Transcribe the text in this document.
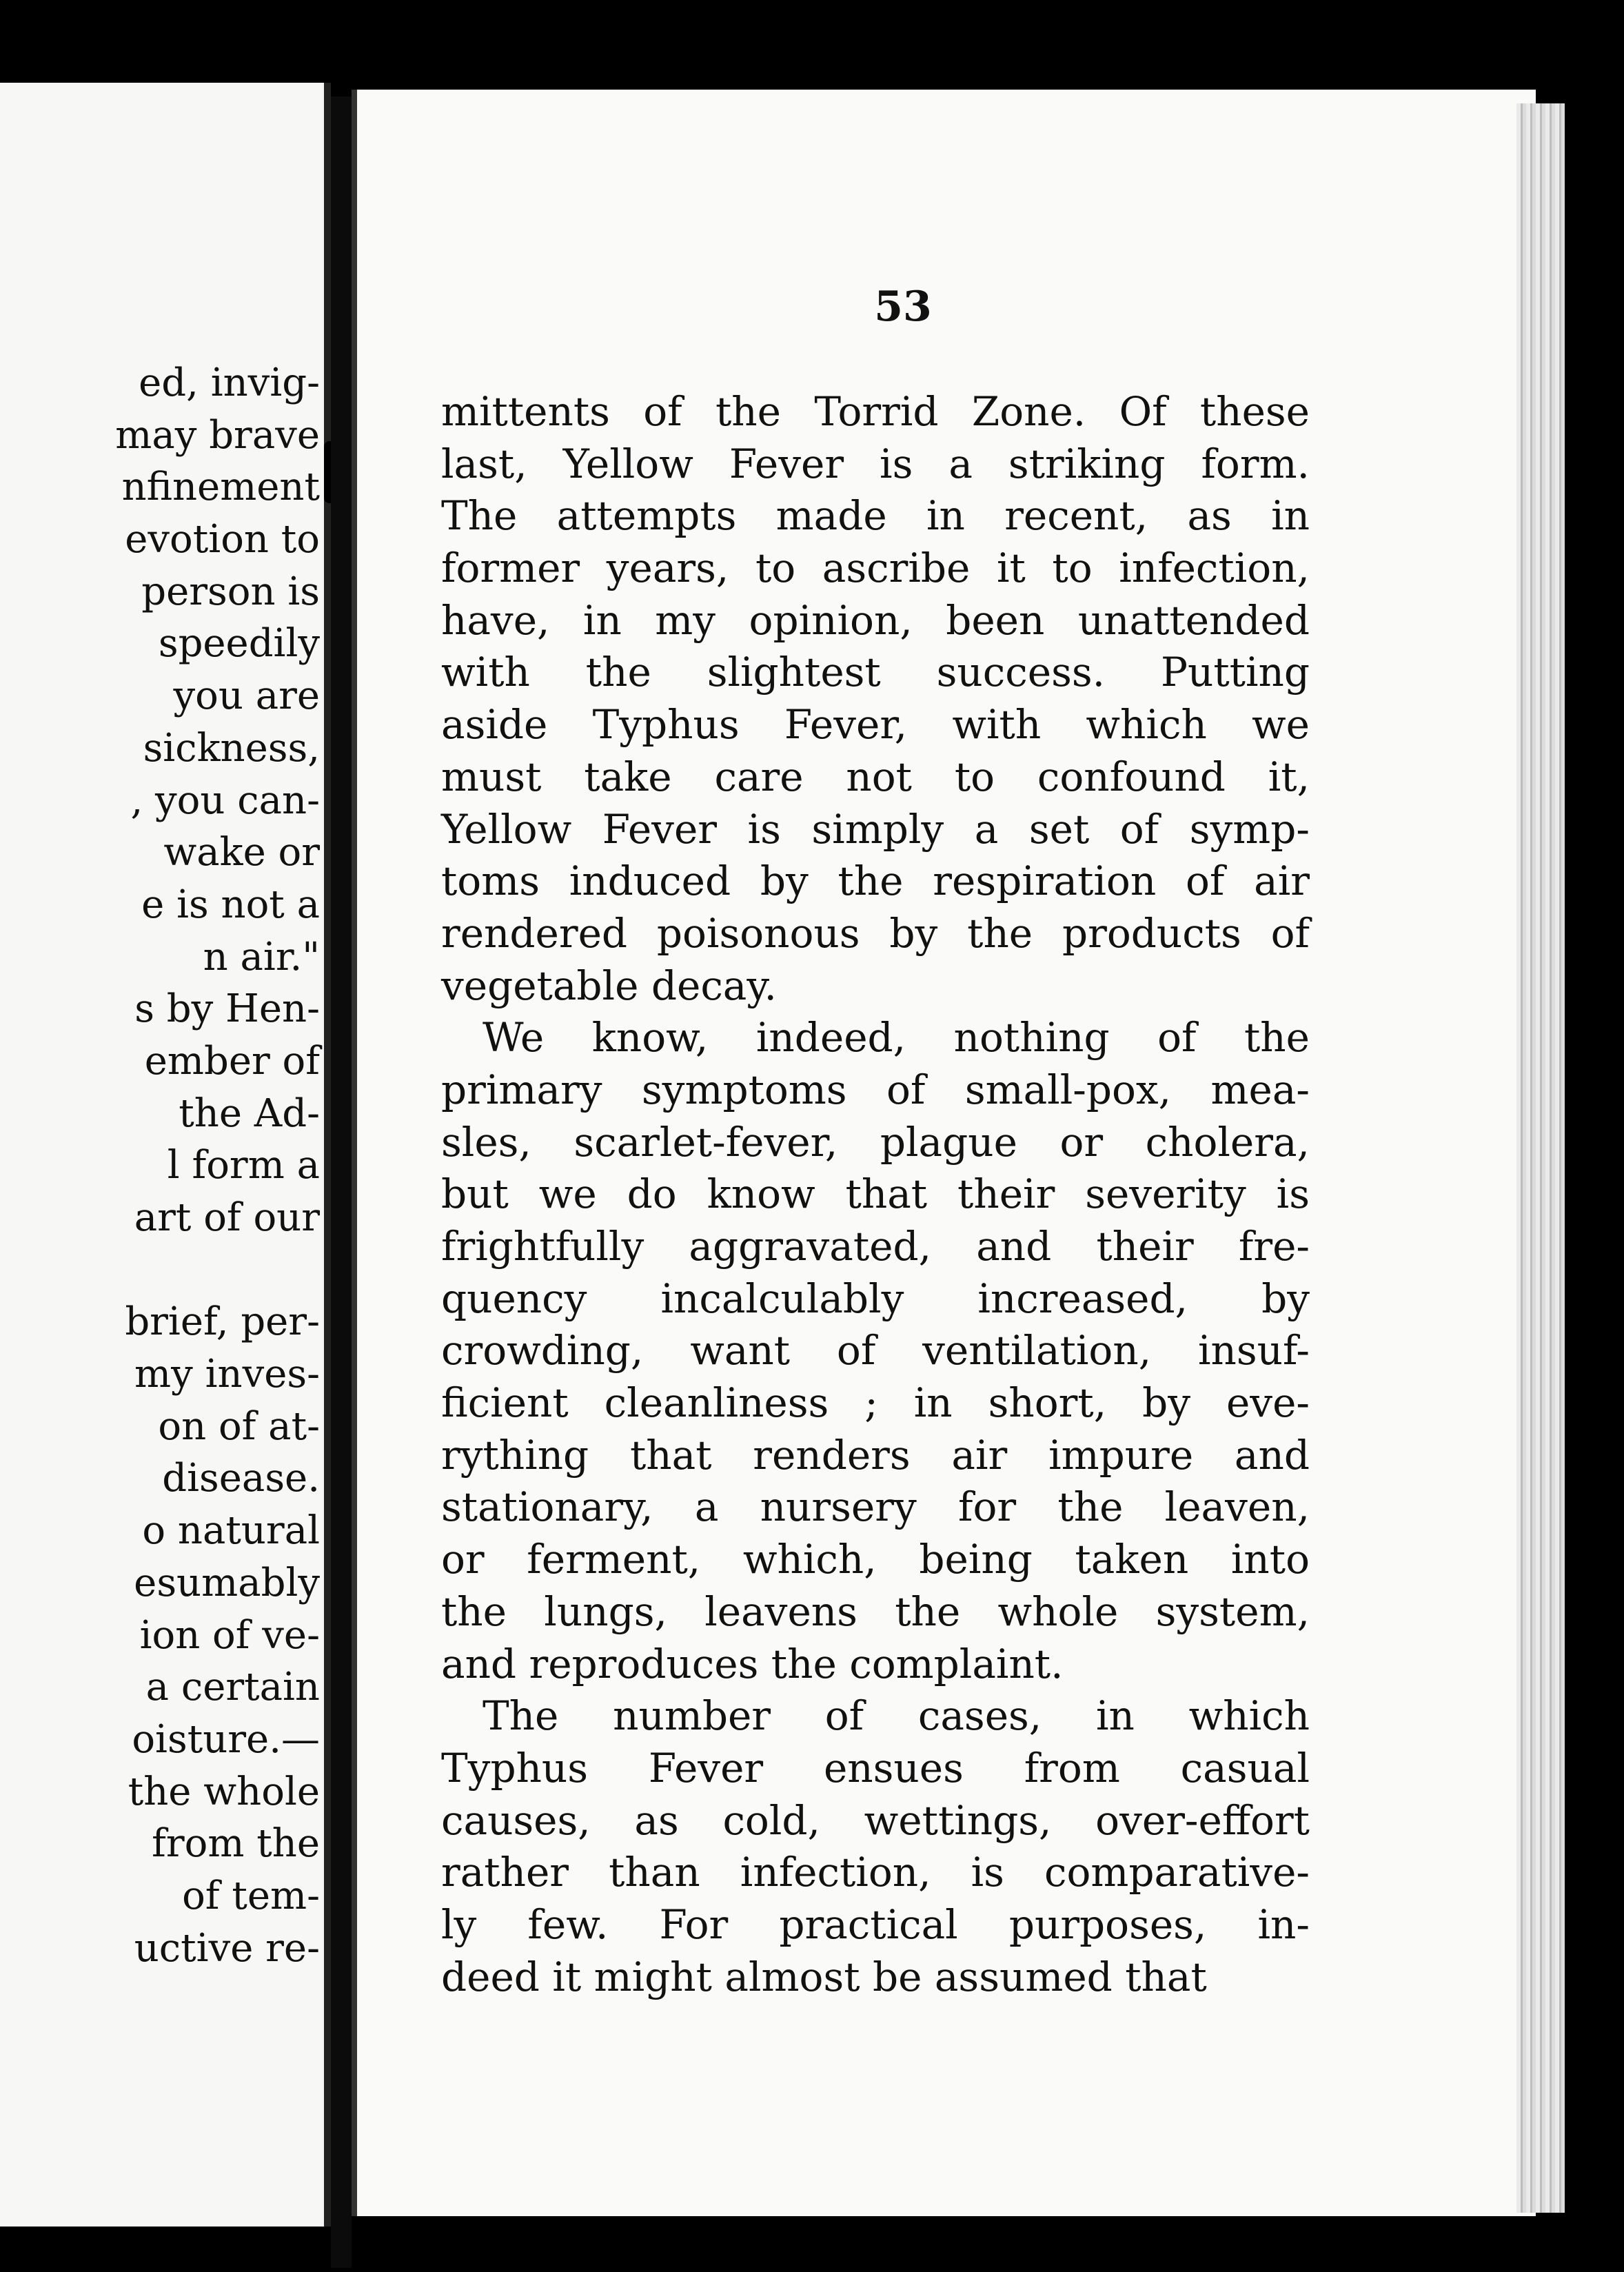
ed, invig-
may brave
nfinement
evotion to
person is
speedily
you are
sickness,
, you can-
wake or
e is not a
n air."
s by Hen-
ember of
the Ad-
l form a
art of our
brief, per-
my inves-
on of at-
disease.
o natural
esumably
ion of ve-
a certain
oisture.—
the whole
from the
of tem-
uctive re-
53
mittents of the Torrid Zone. Of these
last, Yellow Fever is a striking form.
The attempts made in recent, as in
former years, to ascribe it to infection,
have, in my opinion, been unattended
with the slightest success. Putting
aside Typhus Fever, with which we
must take care not to confound it,
Yellow Fever is simply a set of symp-
toms induced by the respiration of air
rendered poisonous by the products of
vegetable decay.
We know, indeed, nothing of the
primary symptoms of small-pox, mea-
sles, scarlet-fever, plague or cholera,
but we do know that their severity is
frightfully aggravated, and their fre-
quency incalculably increased, by
crowding, want of ventilation, insuf-
ficient cleanliness ; in short, by eve-
rything that renders air impure and
stationary, a nursery for the leaven,
or ferment, which, being taken into
the lungs, leavens the whole system,
and reproduces the complaint.
The number of cases, in which
Typhus Fever ensues from casual
causes, as cold, wettings, over-effort
rather than infection, is comparative-
ly few. For practical purposes, in-
deed it might almost be assumed that
